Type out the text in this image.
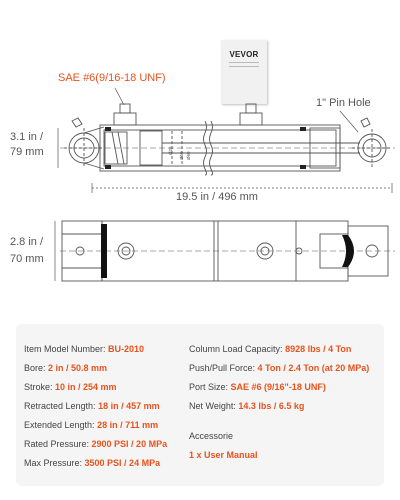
VEVOR
Ø25
Ø50 Ø60
SAE #6(9/16-18 UNF)
1" Pin Hole
3.1 in /
79 mm
19.5 in / 496 mm
2.8 in /
70 mm
Item Model Number: BU-2010
Bore: 2 in / 50.8 mm
Stroke: 10 in / 254 mm
Retracted Length: 18 in / 457 mm
Extended Length: 28 in / 711 mm
Rated Pressure: 2900 PSI / 20 MPa
Max Pressure: 3500 PSI / 24 MPa
Column Load Capacity: 8928 lbs / 4 Ton
Push/Pull Force: 4 Ton / 2.4 Ton (at 20 MPa)
Port Size: SAE #6 (9/16"-18 UNF)
Net Weight: 14.3 lbs / 6.5 kg
Accessorie
1 x User Manual
